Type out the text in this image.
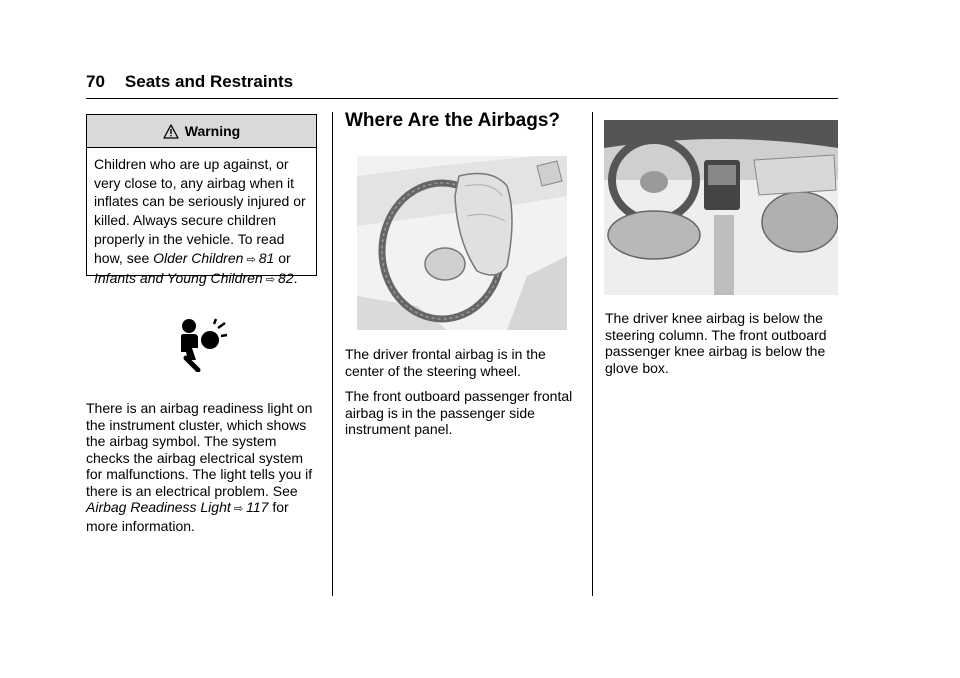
70 Seats and Restraints
Warning
Children who are up against, or very close to, any airbag when it inflates can be seriously injured or killed. Always secure children properly in the vehicle. To read how, see Older Children ⇨ 81 or Infants and Young Children ⇨ 82.
There is an airbag readiness light on the instrument cluster, which shows the airbag symbol. The system checks the airbag electrical system for malfunctions. The light tells you if there is an electrical problem. See Airbag Readiness Light ⇨ 117 for more information.
Where Are the Airbags?

The driver frontal airbag is in the center of the steering wheel.

The front outboard passenger frontal airbag is in the passenger side instrument panel.

The driver knee airbag is below the steering column. The front outboard passenger knee airbag is below the glove box.
